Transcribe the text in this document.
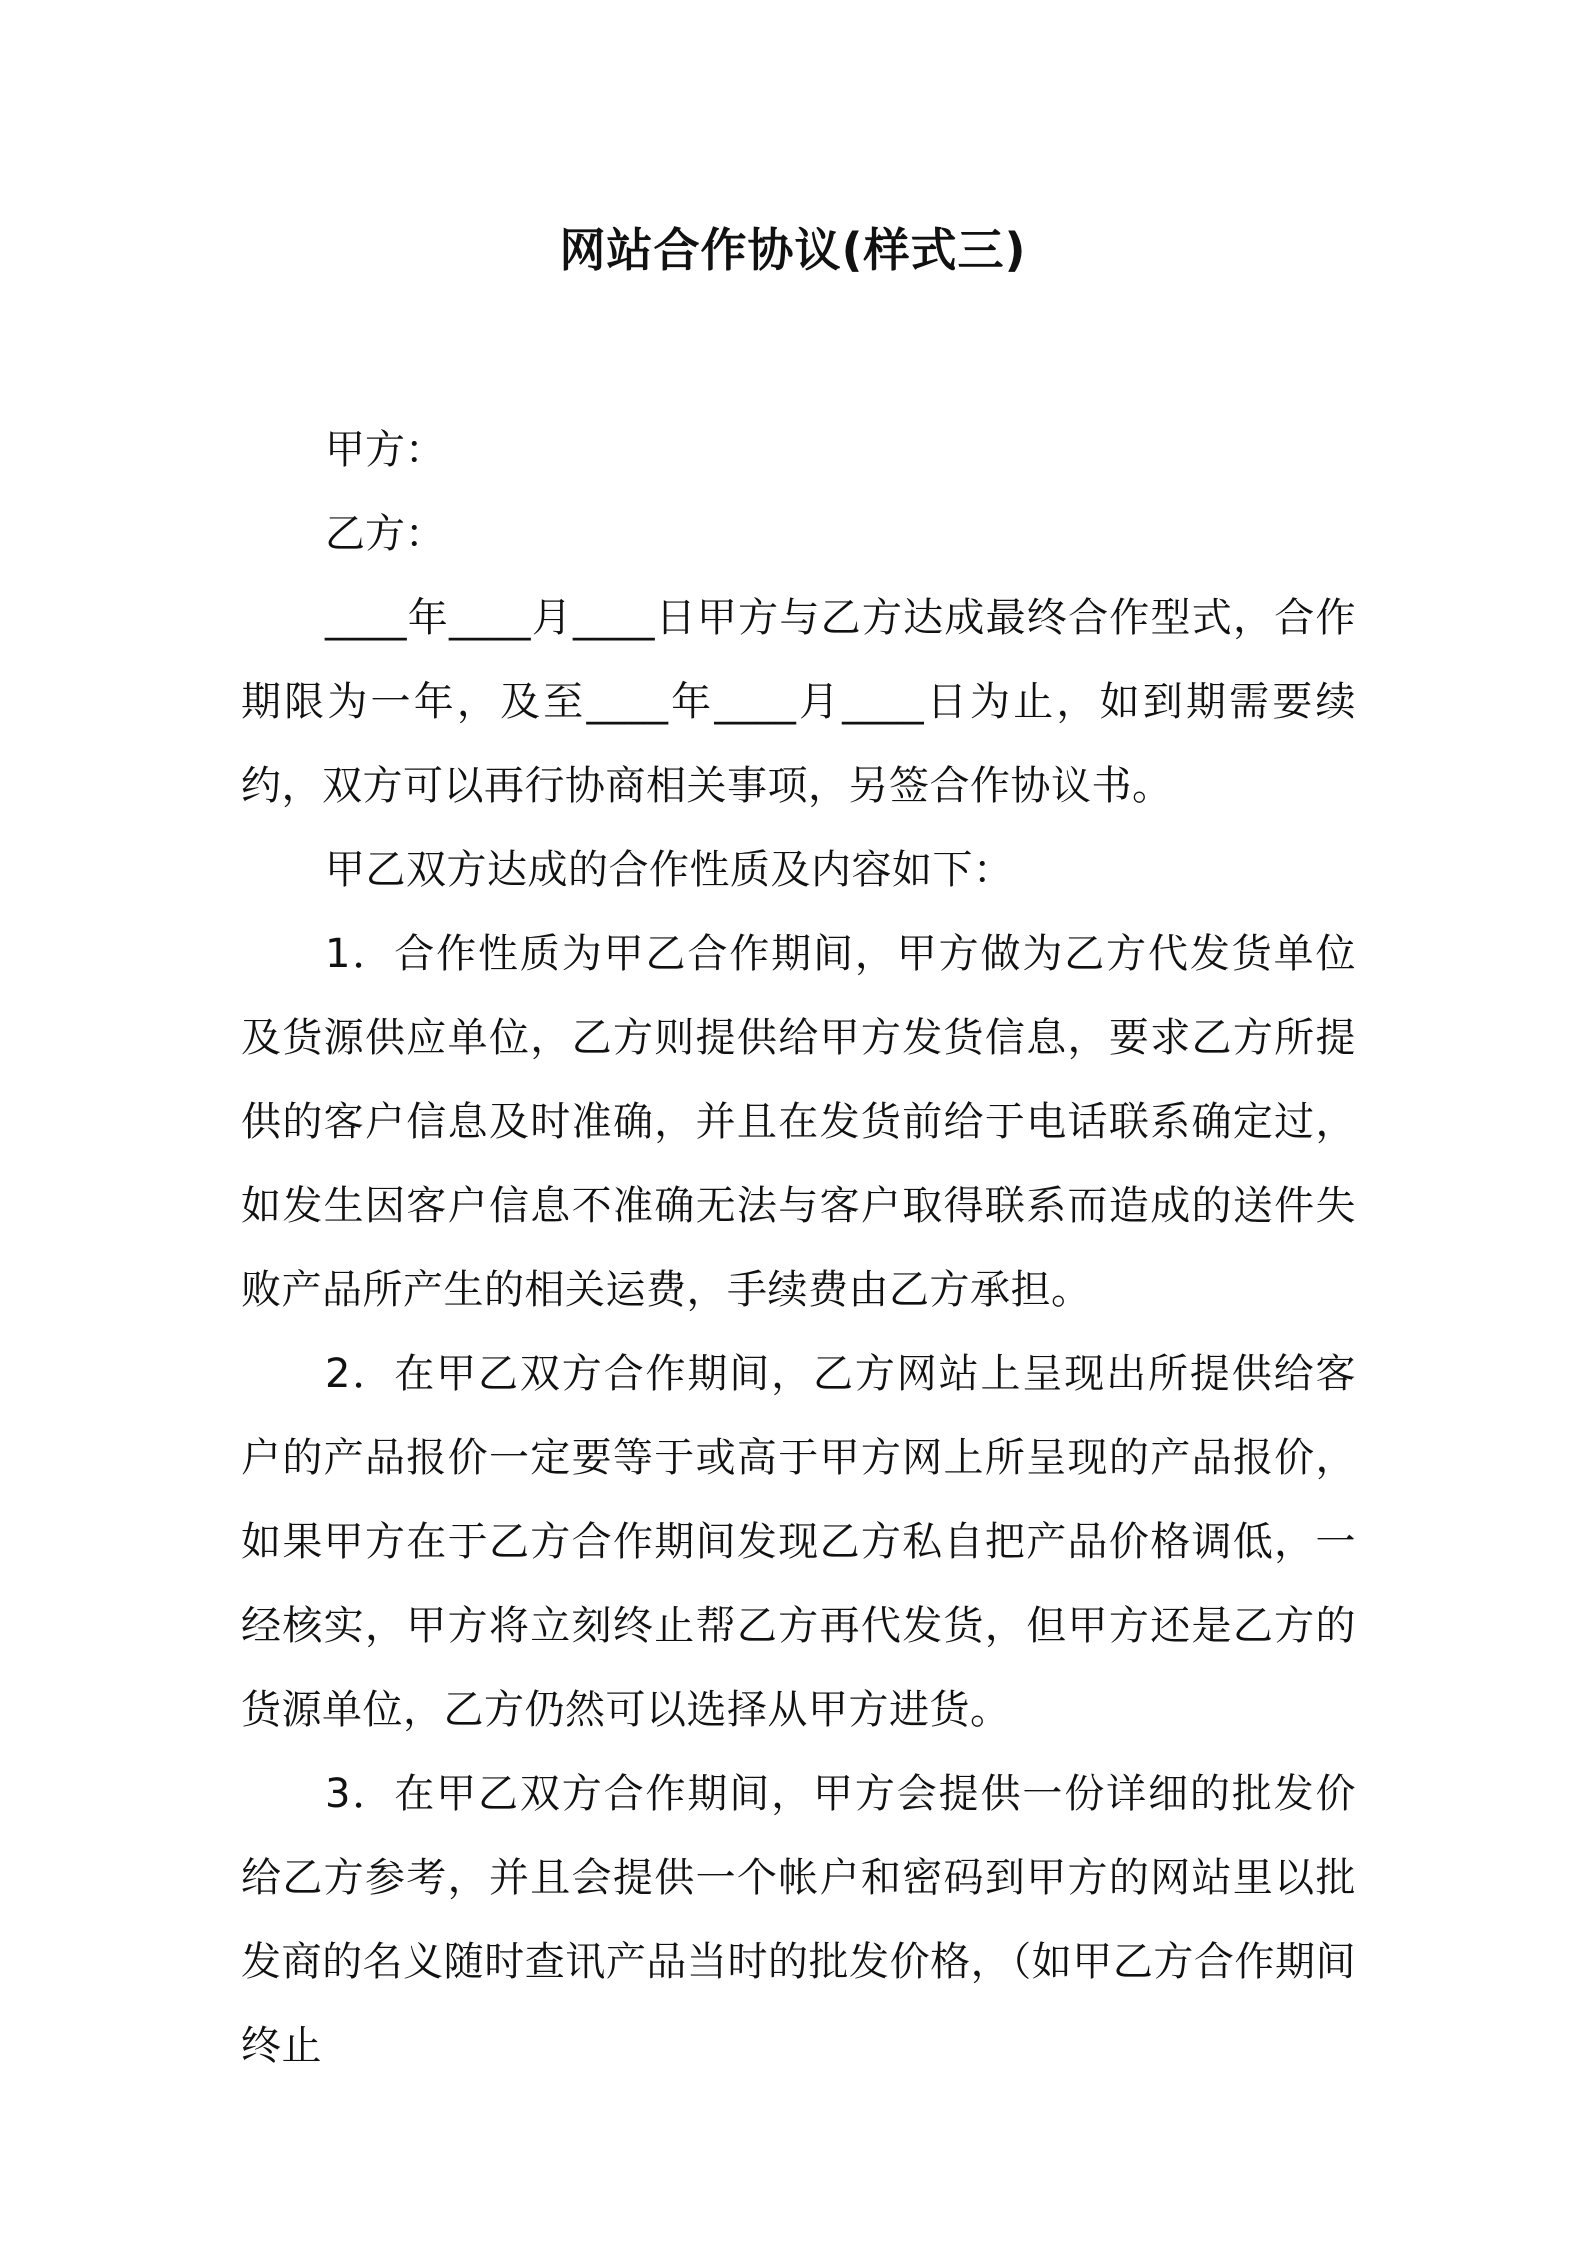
网站合作协议(样式三)

甲方：

乙方：

____年____月____日甲方与乙方达成最终合作型式，合作期限为一年，及至____年____月____日为止，如到期需要续约，双方可以再行协商相关事项，另签合作协议书。

甲乙双方达成的合作性质及内容如下：

1．合作性质为甲乙合作期间，甲方做为乙方代发货单位及货源供应单位，乙方则提供给甲方发货信息，要求乙方所提供的客户信息及时准确，并且在发货前给于电话联系确定过，如发生因客户信息不准确无法与客户取得联系而造成的送件失败产品所产生的相关运费，手续费由乙方承担。

2．在甲乙双方合作期间，乙方网站上呈现出所提供给客户的产品报价一定要等于或高于甲方网上所呈现的产品报价，如果甲方在于乙方合作期间发现乙方私自把产品价格调低，一经核实，甲方将立刻终止帮乙方再代发货，但甲方还是乙方的货源单位，乙方仍然可以选择从甲方进货。

3．在甲乙双方合作期间，甲方会提供一份详细的批发价给乙方参考，并且会提供一个帐户和密码到甲方的网站里以批发商的名义随时查讯产品当时的批发价格，（如甲乙方合作期间终止
